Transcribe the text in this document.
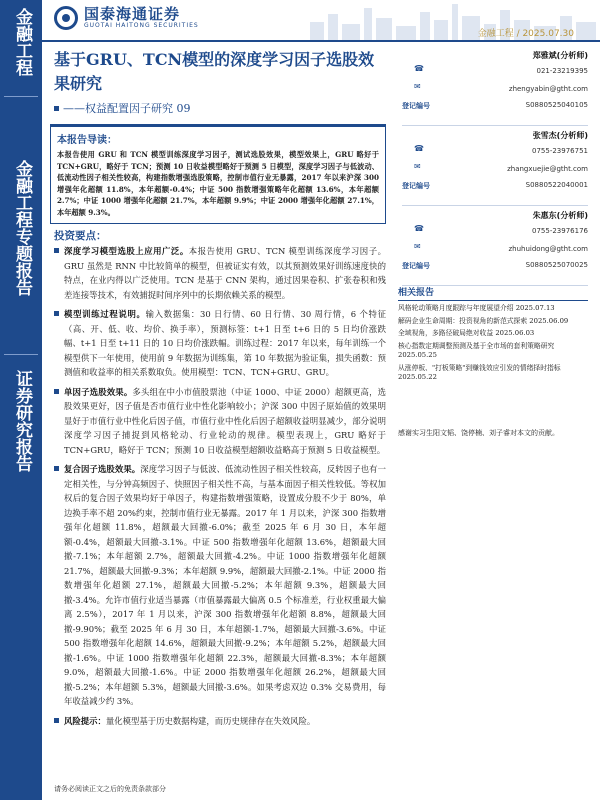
金融工程
金融工程专题报告
证券研究报告
国泰海通证券
GUOTAI HAITONG SECURITIES
金融工程 / 2025.07.30
基于GRU、TCN模型的深度学习因子选股效果研究
——权益配置因子研究 09
本报告导读：
本报告使用 GRU 和 TCN 模型训练深度学习因子，测试选股效果，模型效果上，GRU 略好于 TCN+GRU，略好于 TCN；预测 10 日收益模型略好于预测 5 日模型，深度学习因子与低波动、低流动性因子相关性较高，构建指数增强选股策略，控制市值行业无暴露，2017 年以来沪深 300 增强年化超额 11.8%，本年超额-0.4%；中证 500 指数增强策略年化超额 13.6%，本年超额 2.7%；中证 1000 增强年化超额 21.7%，本年超额 9.9%；中证 2000 增强年化超额 27.1%，本年超额 9.3%。
投资要点：
深度学习模型选股上应用广泛。本报告使用 GRU、TCN 模型训练深度学习因子。GRU 虽然是 RNN 中比较简单的模型，但被证实有效，以其预测效果好训练速度快的特点，在业内得以广泛使用。TCN 是基于 CNN 架构，通过因果卷积、扩张卷积和残差连接等技术，有效捕捉时间序列中的长期依赖关系的模型。
模型训练过程说明。输入数据集：30 日行情、60 日行情、30 周行情，6 个特征（高、开、低、收、均价、换手率），预测标签：t+1 日至 t+6 日的 5 日均价涨跌幅、t+1 日至 t+11 日的 10 日均价涨跌幅。训练过程：2017 年以来，每年训练一个模型供下一年使用，使用前 9 年数据为训练集，第 10 年数据为验证集，损失函数：预测值和收益率的相关系数取负。使用模型：TCN、TCN+GRU、GRU。
单因子选股效果。多头组在中小市值股票池（中证 1000、中证 2000）超额更高，选股效果更好，因子值是否市值行业中性化影响较小；沪深 300 中因子原始值的效果明显好于市值行业中性化后因子值，市值行业中性化后因子超额收益明显减少，部分说明深度学习因子捕捉到风格轮动、行业轮动的规律。模型表现上，GRU 略好于 TCN+GRU，略好于 TCN；预测 10 日收益模型超额收益略高于预测 5 日收益模型。
复合因子选股效果。深度学习因子与低波、低流动性因子相关性较高，反转因子也有一定相关性，与分钟高频因子、快照因子相关性不高，与基本面因子相关性较低。等权加权后的复合因子效果均好于单因子，构建指数增强策略，设置成分股不少于 80%，单边换手率不超 20%约束，控制市值行业无暴露。2017 年 1 月以来，沪深 300 指数增强年化超额 11.8%，超额最大回撤-6.0%；截至 2025 年 6 月 30 日，本年超额-0.4%，超额最大回撤-3.1%。中证 500 指数增强年化超额 13.6%，超额最大回撤-7.1%；本年超额 2.7%，超额最大回撤-4.2%。中证 1000 指数增强年化超额 21.7%，超额最大回撤-9.3%；本年超额 9.9%，超额最大回撤-2.1%。中证 2000 指数增强年化超额 27.1%，超额最大回撤-5.2%；本年超额 9.3%，超额最大回撤-3.4%。允许市值行业适当暴露（市值暴露最大偏离 0.5 个标准差，行业权重最大偏离 2.5%），2017 年 1 月以来，沪深 300 指数增强年化超额 8.8%，超额最大回撤-9.90%；截至 2025 年 6 月 30 日，本年超额-1.7%，超额最大回撤-3.6%。中证 500 指数增强年化超额 14.6%，超额最大回撤-9.2%；本年超额 5.2%，超额最大回撤-1.6%。中证 1000 指数增强年化超额 22.3%，超额最大回撤-8.3%；本年超额 9.0%，超额最大回撤-1.6%。中证 2000 指数增强年化超额 26.2%，超额最大回撤-5.2%；本年超额 5.3%，超额最大回撤-3.6%。如果考虑双边 0.3% 交易费用，每年收益减少约 3%。
风险提示：量化模型基于历史数据构建，而历史规律存在失效风险。
郑雅斌(分析师)
☎	021-23219395
✉	zhengyabin@gtht.com
登记编号	S0880525040105
张雪杰(分析师)
☎	0755-23976751
✉	zhangxuejie@gtht.com
登记编号	S0880522040001
朱惠东(分析师)
☎	0755-23976176
✉	zhuhuidong@gtht.com
登记编号	S0880525070025
相关报告
风格轮动策略月度跟踪与年度展望介绍 2025.07.13
解码企业生命周期：投资视角的新范式探索 2025.06.09
全域视角，多路径破局绝对收益 2025.06.03
核心指数定期调整预测及基于全市场的套利策略研究 2025.05.25
从涨停板、"打板策略"到赚钱效应引发的情绪择时指标 2025.05.22
感谢实习生阳文韬、饶停楠、刘子睿对本文的贡献。
请务必阅读正文之后的免责条款部分
